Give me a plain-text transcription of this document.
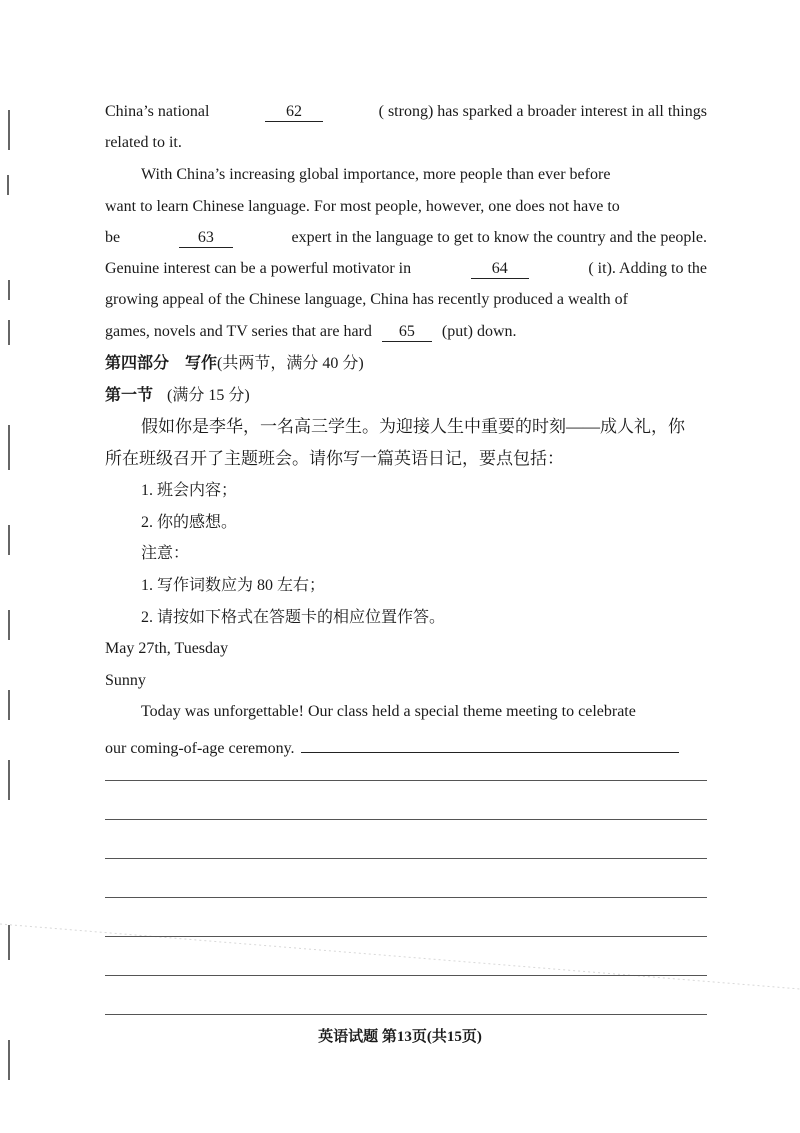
China’s national	62	( strong) has sparked a broader interest in all things
related to it.
With China’s increasing global importance, more people than ever before
want to learn Chinese language. For most people, however, one does not have to
be	63	expert in the language to get to know the country and the people.
Genuine interest can be a powerful motivator in	64	( it). Adding to the
growing appeal of the Chinese language, China has recently produced a wealth of
games, novels and TV series that are hard 65 (put) down.
第四部分　写作(共两节，满分 40 分)
第一节 (满分 15 分)
假如你是李华，一名高三学生。为迎接人生中重要的时刻——成人礼，你
所在班级召开了主题班会。请你写一篇英语日记，要点包括：
1. 班会内容；
2. 你的感想。
注意：
1. 写作词数应为 80 左右；
2. 请按如下格式在答题卡的相应位置作答。
May 27th, Tuesday
Sunny
Today was unforgettable! Our class held a special theme meeting to celebrate
our coming-of-age ceremony.
英语试题 第13页(共15页)
